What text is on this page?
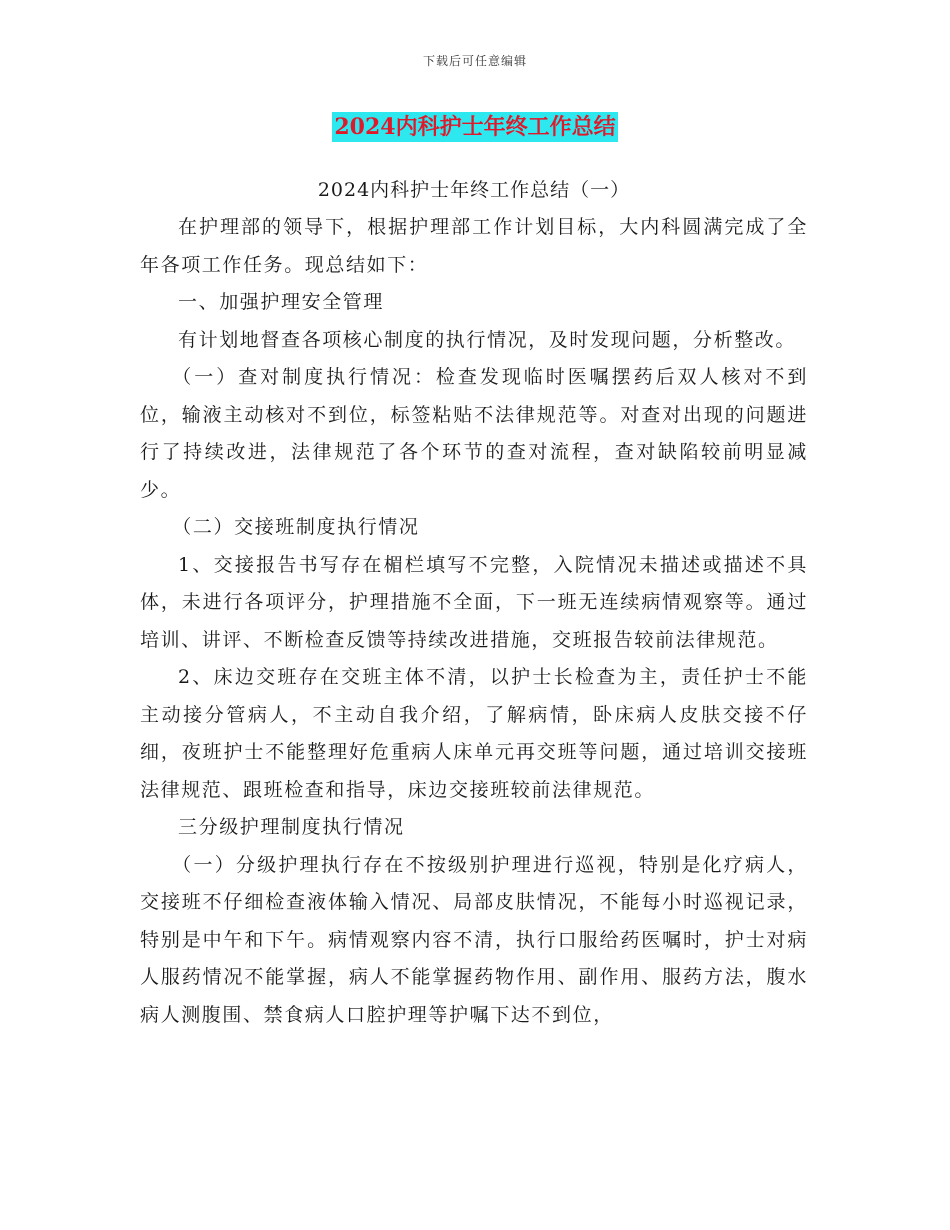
下载后可任意编辑
2024内科护士年终工作总结

2024内科护士年终工作总结（一）

在护理部的领导下，根据护理部工作计划目标，大内科圆满完成了全年各项工作任务。现总结如下：

一、加强护理安全管理

有计划地督查各项核心制度的执行情况，及时发现问题，分析整改。

（一）查对制度执行情况：检查发现临时医嘱摆药后双人核对不到位，输液主动核对不到位，标签粘贴不法律规范等。对查对出现的问题进行了持续改进，法律规范了各个环节的查对流程，查对缺陷较前明显减少。

（二）交接班制度执行情况

1、交接报告书写存在楣栏填写不完整，入院情况未描述或描述不具体，未进行各项评分，护理措施不全面，下一班无连续病情观察等。通过培训、讲评、不断检查反馈等持续改进措施，交班报告较前法律规范。

2、床边交班存在交班主体不清，以护士长检查为主，责任护士不能主动接分管病人，不主动自我介绍，了解病情，卧床病人皮肤交接不仔细，夜班护士不能整理好危重病人床单元再交班等问题，通过培训交接班法律规范、跟班检查和指导，床边交接班较前法律规范。

三分级护理制度执行情况

（一）分级护理执行存在不按级别护理进行巡视，特别是化疗病人，交接班不仔细检查液体输入情况、局部皮肤情况，不能每小时巡视记录，特别是中午和下午。病情观察内容不清，执行口服给药医嘱时，护士对病人服药情况不能掌握，病人不能掌握药物作用、副作用、服药方法，腹水病人测腹围、禁食病人口腔护理等护嘱下达不到位，
